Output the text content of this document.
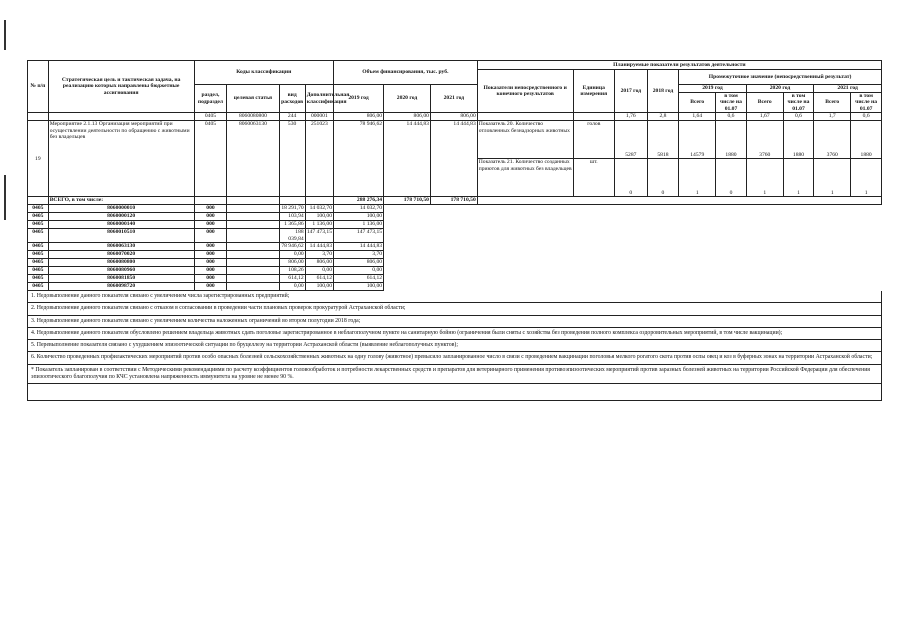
№ п/п	Стратегическая цель и тактическая задача, на реализацию которых направлены бюджетные ассигнования	Коды классификации				Объем финансирования, тыс. руб.			Планируемые показатели результатов деятельности									
									Показатели непосредственного и конечного результатов	Единица измерения	2017 год	2018 год	Промежуточное значение (непосредственный результат)					
		раздел, подраздел	целевая статья	вид расходов	Дополнительная классификация	2019 год	2020 год	2021 год					2019 год		2020 год		2021 год	
													Всего	в том числе на 01.07	Всего	в том числе на 01.07	Всего	в том числе на 01.07
		0405	8060080800	244	000001	806,00	806,00	806,00			1,76	2,8	1,64	0,6	1,67	0,6	1,7	0,6
19	Мероприятие 2.1.13 Организация мероприятий при осуществлении деятельности по обращению с животными без владельцев	0405	8060063130	530	251023	78 946,62	14 444,83	14 444,83	Показатель 20. Количество отловленных безнадзорных животных	голов	5287	5818	14579	1880	3760	1880	3760	1880
									Показатель 21. Количество созданных приютов для животных без владельцев	шт.	0	0	1	0	1	1	1	1
	ВСЕГО, в том числе:					288 276,34	178 710,50	178 710,50										
0405	8060000010	000		18 291,70	14 032,70	14 032,70												
0405	8060000120	000		103,94	100,00	100,00												
0405	8060000140	000		1 365,86	1 136,00	1 136,00												
0405	8060010510	000		188 039,84	147 473,15	147 473,15												
0405	8060063130	000		78 946,62	14 444,83	14 444,83												
0405	8060070020	000		0,00	3,70	3,70												
0405	8060080800	000		806,00	806,00	806,00												
0405	8060080960	000		108,26	0,00	0,00												
0405	8060081850	000		614,12	614,12	614,12												
0405	8060098720	000		0,00	100,00	100,00												
1. Недовыполнение данного показателя связано с увеличением числа зарегистрированных предприятий;
2. Недовыполнение данного показателя связано с отказом в согласовании в проведении части плановых проверок прокуратурой Астраханской области;
3. Недовыполнение данного показателя связано с увеличением количества наложенных ограничений во втором полугодии 2018 года;
4. Недовыполнение данного показателя обусловлено решением владельца животных сдать поголовье зарегистрированное в неблагополучном пункте на санитарную бойню (ограничения были сняты с хозяйства без проведения полного комплекса оздоровительных мероприятий, в том числе вакцинации);
5. Перевыполнение показателя связано с ухудшением эпизоотической ситуации по бруцеллезу на территории Астраханской области (выявление неблагополучных пунктов);
6. Количество проведенных профилактических мероприятий против особо опасных болезней сельскохозяйственных животных на одну голову (животное) превысило запланированное число в связи с проведением вакцинации поголовья мелкого рогатого скота против оспы овец и коз в буферных зонах на территории Астраханской области;
* Показатель запланирован в соответствии с Методическими рекомендациями по расчету коэффициентов головообработок и потребности лекарственных средств и препаратов для ветеринарного применения противоэпизоотических мероприятий против заразных болезней животных на территории Российской Федерации для обеспечения эпизоотического благополучия по КЧС установлена напряженность иммунитета на уровне не менее 90 %.
